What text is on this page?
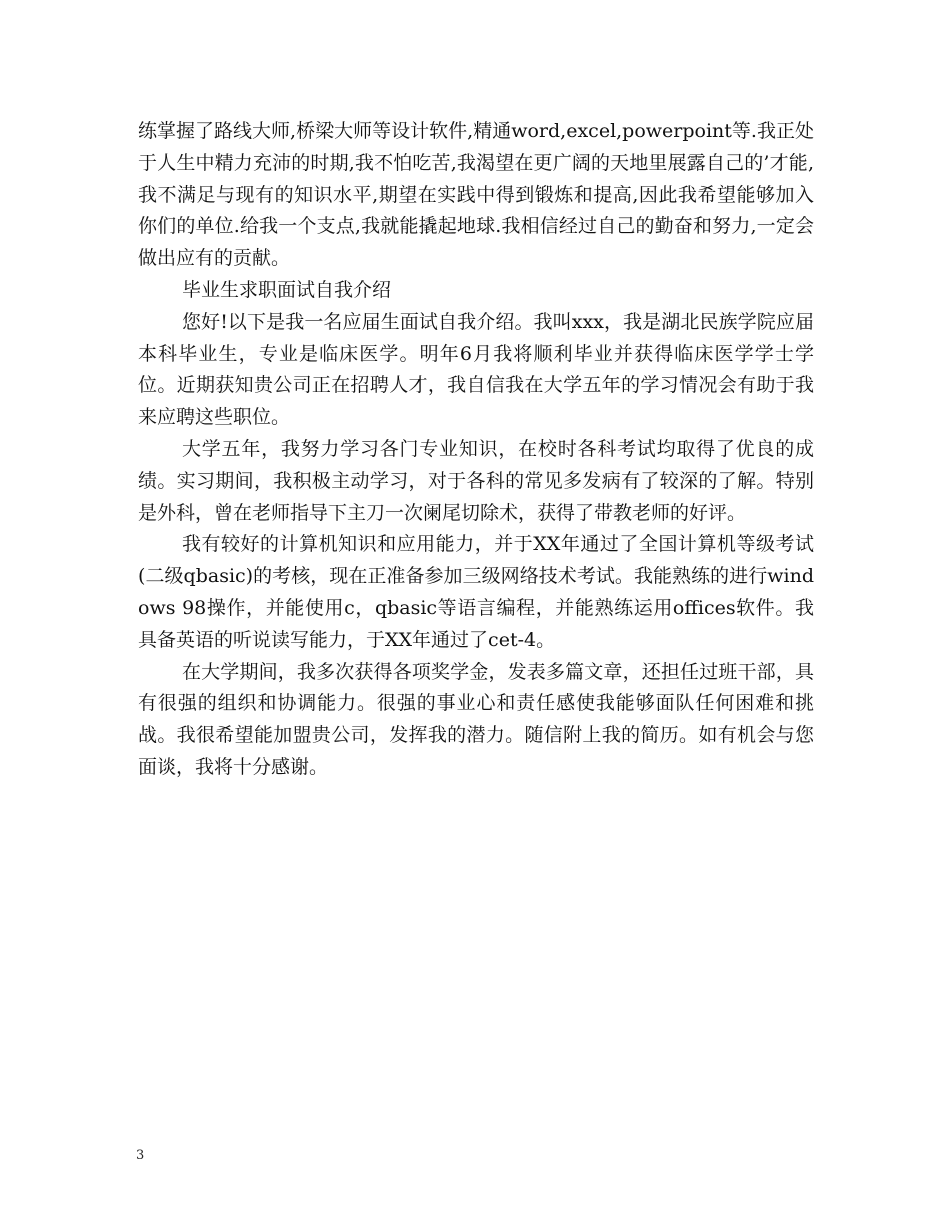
练掌握了路线大师,桥梁大师等设计软件,精通word,excel,powerpoint等.我正处于人生中精力充沛的时期,我不怕吃苦,我渴望在更广阔的天地里展露自己的’才能,我不满足与现有的知识水平,期望在实践中得到锻炼和提高,因此我希望能够加入你们的单位.给我一个支点,我就能撬起地球.我相信经过自己的勤奋和努力,一定会做出应有的贡献。

毕业生求职面试自我介绍

您好!以下是我一名应届生面试自我介绍。我叫xxx，我是湖北民族学院应届本科毕业生，专业是临床医学。明年6月我将顺利毕业并获得临床医学学士学位。近期获知贵公司正在招聘人才，我自信我在大学五年的学习情况会有助于我来应聘这些职位。

大学五年，我努力学习各门专业知识，在校时各科考试均取得了优良的成绩。实习期间，我积极主动学习，对于各科的常见多发病有了较深的了解。特别是外科，曾在老师指导下主刀一次阑尾切除术，获得了带教老师的好评。

我有较好的计算机知识和应用能力，并于XX年通过了全国计算机等级考试(二级qbasic)的考核，现在正准备参加三级网络技术考试。我能熟练的进行windows 98操作，并能使用c，qbasic等语言编程，并能熟练运用offices软件。我具备英语的听说读写能力，于XX年通过了cet-4。

在大学期间，我多次获得各项奖学金，发表多篇文章，还担任过班干部，具有很强的组织和协调能力。很强的事业心和责任感使我能够面队任何困难和挑战。我很希望能加盟贵公司，发挥我的潜力。随信附上我的简历。如有机会与您面谈，我将十分感谢。

3
